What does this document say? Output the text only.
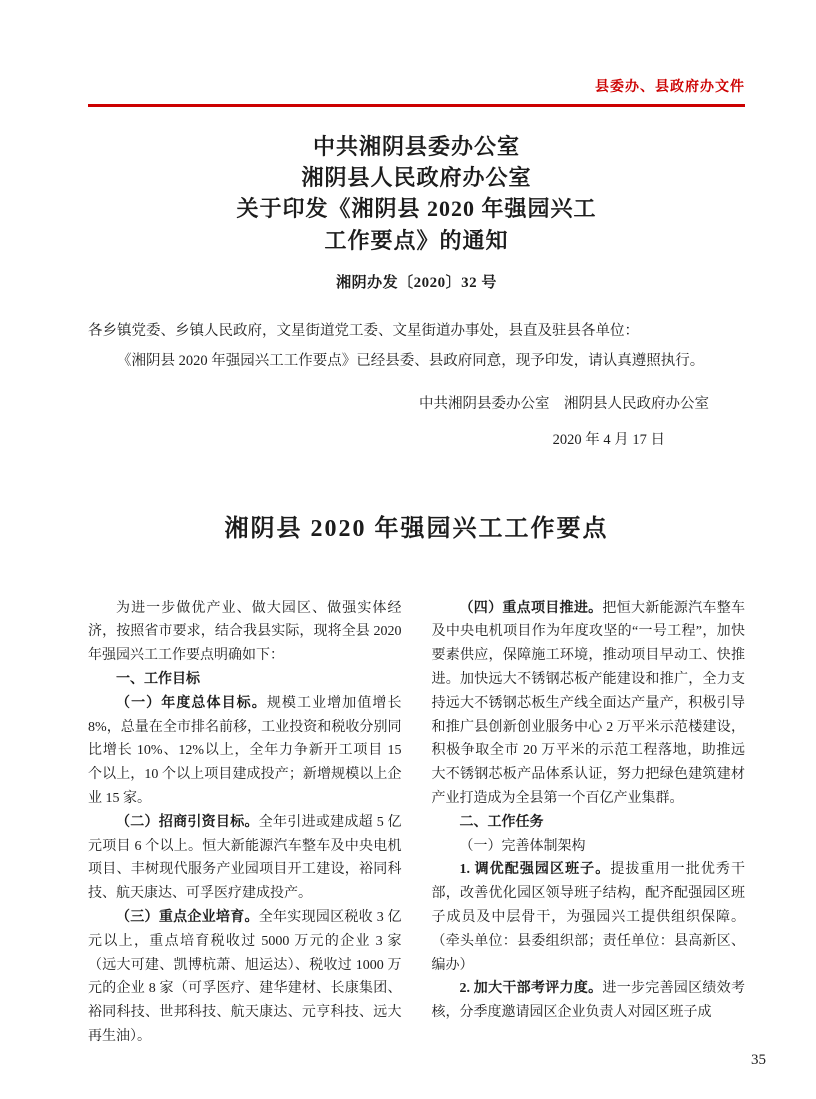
县委办、县政府办文件
中共湘阴县委办公室
湘阴县人民政府办公室
关于印发《湘阴县 2020 年强园兴工
工作要点》的通知
湘阴办发〔2020〕32 号

各乡镇党委、乡镇人民政府，文星街道党工委、文星街道办事处，县直及驻县各单位：

《湘阴县 2020 年强园兴工工作要点》已经县委、县政府同意，现予印发，请认真遵照执行。

中共湘阴县委办公室　湘阴县人民政府办公室
2020 年 4 月 17 日
湘阴县 2020 年强园兴工工作要点

为进一步做优产业、做大园区、做强实体经济，按照省市要求，结合我县实际，现将全县 2020 年强园兴工工作要点明确如下：

一、工作目标

（一）年度总体目标。规模工业增加值增长8%，总量在全市排名前移，工业投资和税收分别同比增长 10%、12%以上，全年力争新开工项目 15 个以上，10 个以上项目建成投产；新增规模以上企业 15 家。

（二）招商引资目标。全年引进或建成超 5 亿元项目 6 个以上。恒大新能源汽车整车及中央电机项目、丰树现代服务产业园项目开工建设，裕同科技、航天康达、可孚医疗建成投产。

（三）重点企业培育。全年实现园区税收 3 亿元以上，重点培育税收过 5000 万元的企业 3 家（远大可建、凯博杭萧、旭运达）、税收过 1000 万元的企业 8 家（可孚医疗、建华建材、长康集团、裕同科技、世邦科技、航天康达、元亨科技、远大再生油）。

（四）重点项目推进。把恒大新能源汽车整车及中央电机项目作为年度攻坚的“一号工程”，加快要素供应，保障施工环境，推动项目早动工、快推进。加快远大不锈钢芯板产能建设和推广，全力支持远大不锈钢芯板生产线全面达产量产，积极引导和推广县创新创业服务中心 2 万平米示范楼建设，积极争取全市 20 万平米的示范工程落地，助推远大不锈钢芯板产品体系认证，努力把绿色建筑建材产业打造成为全县第一个百亿产业集群。

二、工作任务

（一）完善体制架构

1. 调优配强园区班子。提拔重用一批优秀干部，改善优化园区领导班子结构，配齐配强园区班子成员及中层骨干，为强园兴工提供组织保障。（牵头单位：县委组织部；责任单位：县高新区、编办）

2. 加大干部考评力度。进一步完善园区绩效考核，分季度邀请园区企业负责人对园区班子成

35
